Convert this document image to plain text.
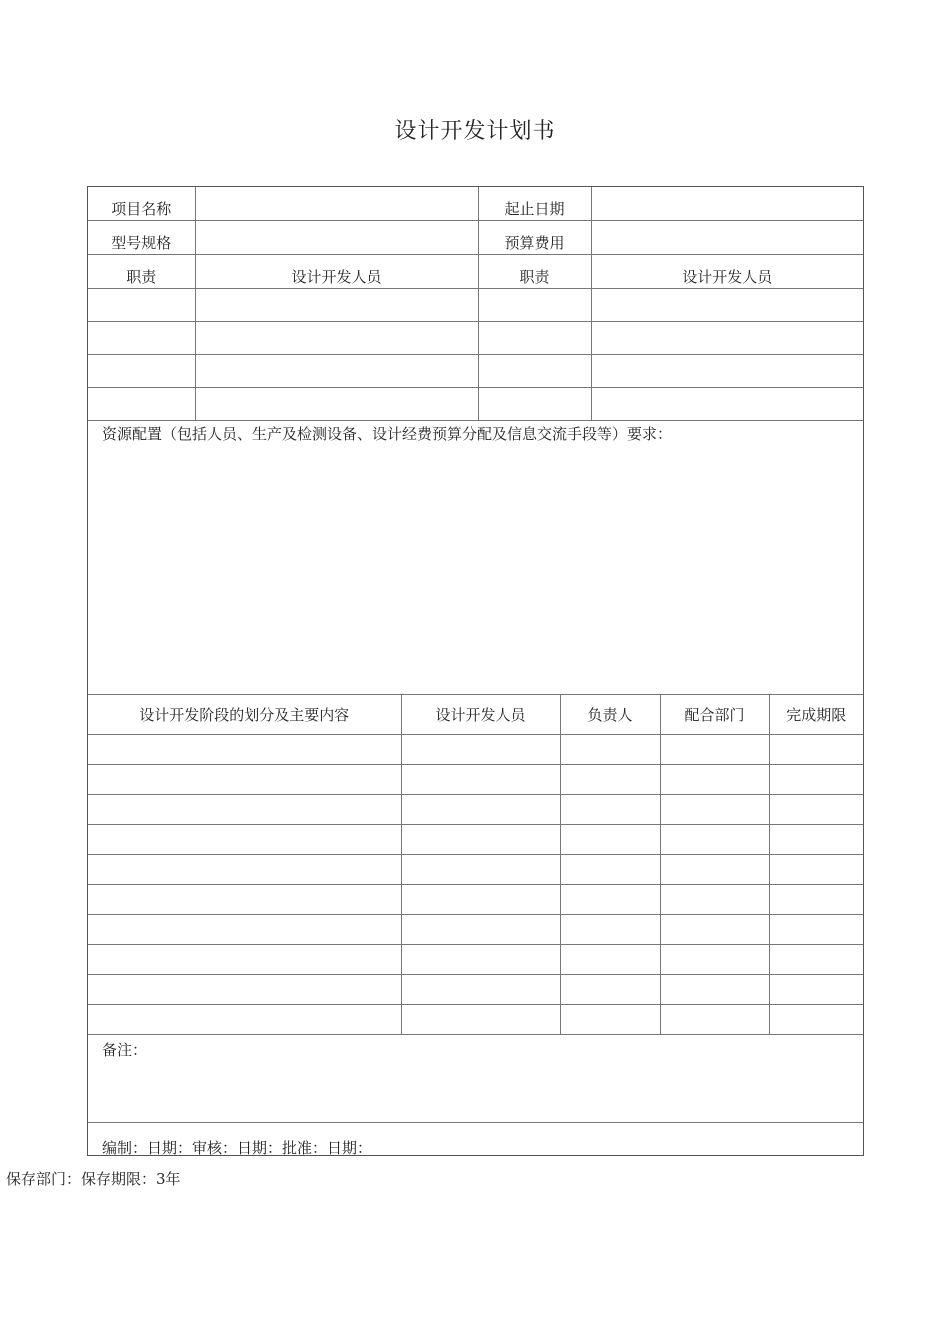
设计开发计划书
项目名称		起止日期	
型号规格		预算费用	
职责	设计开发人员	职责	设计开发人员

资源配置（包括人员、生产及检测设备、设计经费预算分配及信息交流手段等）要求：
设计开发阶段的划分及主要内容	设计开发人员	负责人	配合部门	完成期限

备注：
编制：日期：审核：日期：批准：日期：
保存部门：保存期限：3年
